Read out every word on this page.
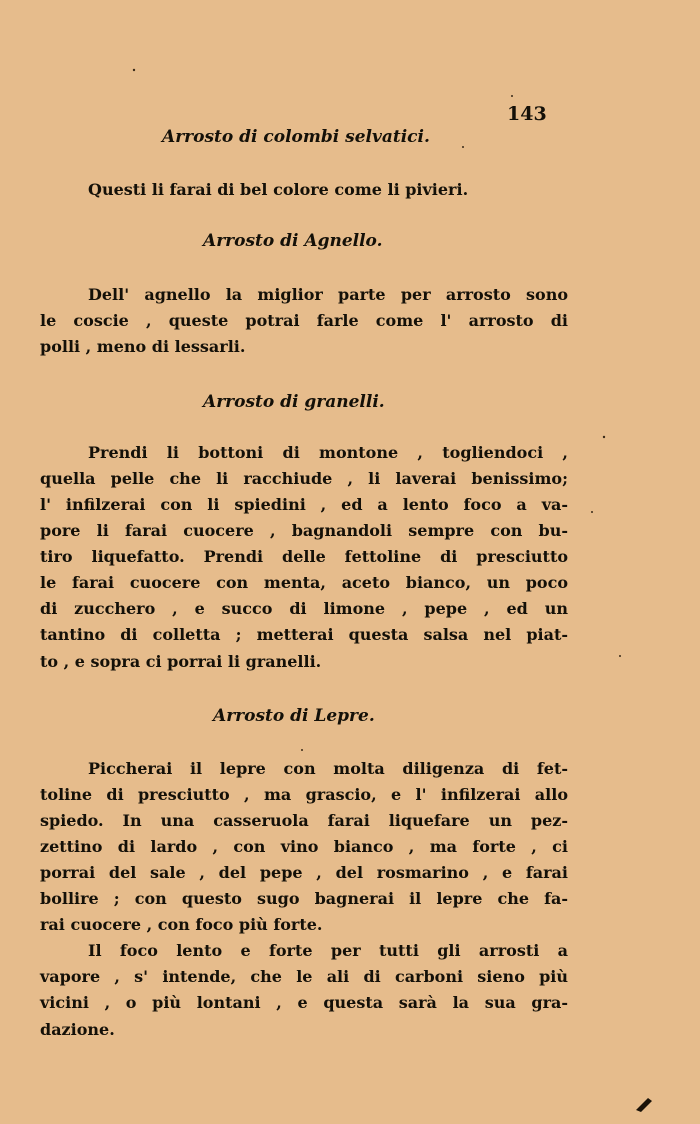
143
Arrosto di colombi selvatici.
Questi li farai di bel colore come li pivieri.
Arrosto di Agnello.
Dell' agnello la miglior parte per arrosto sono
le coscie , queste potrai farle come l' arrosto di
polli , meno di lessarli.
Arrosto di granelli.
Prendi li bottoni di montone , togliendoci ,
quella pelle che li racchiude , li laverai benissimo;
l' infilzerai con li spiedini , ed a lento foco a va-
pore li farai cuocere , bagnandoli sempre con bu-
tiro liquefatto. Prendi delle fettoline di presciutto
le farai cuocere con menta, aceto bianco, un poco
di zucchero , e succo di limone , pepe , ed un
tantino di colletta ; metterai questa salsa nel piat-
to , e sopra ci porrai li granelli.
Arrosto di Lepre.
Piccherai il lepre con molta diligenza di fet-
toline di presciutto , ma grascio, e l' infilzerai allo
spiedo. In una casseruola farai liquefare un pez-
zettino di lardo , con vino bianco , ma forte , ci
porrai del sale , del pepe , del rosmarino , e farai
bollire ; con questo sugo bagnerai il lepre che fa-
rai cuocere , con foco più forte.
Il foco lento e forte per tutti gli arrosti a
vapore , s' intende, che le ali di carboni sieno più
vicini , o più lontani , e questa sarà la sua gra-
dazione.
